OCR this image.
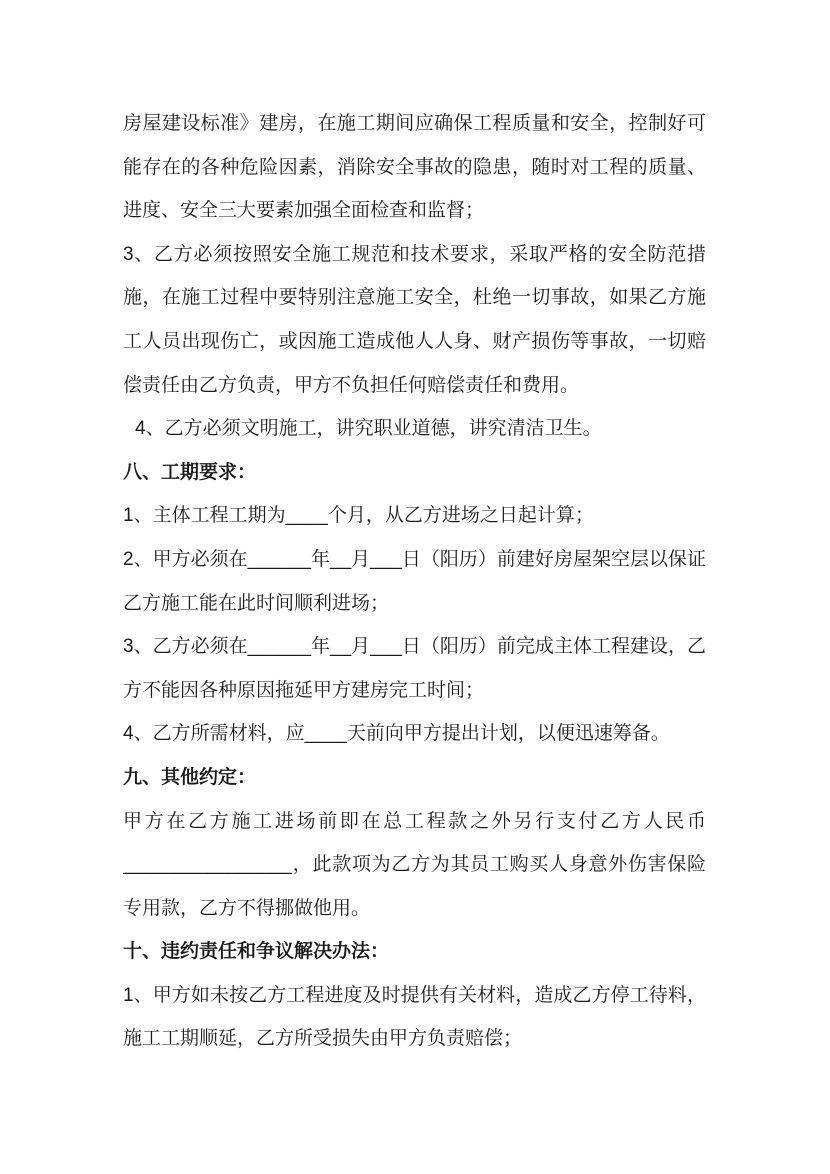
房屋建设标准》建房，在施工期间应确保工程质量和安全，控制好可
能存在的各种危险因素，消除安全事故的隐患，随时对工程的质量、
进度、安全三大要素加强全面检查和监督；
3、乙方必须按照安全施工规范和技术要求，采取严格的安全防范措
施，在施工过程中要特别注意施工安全，杜绝一切事故，如果乙方施
工人员出现伤亡，或因施工造成他人人身、财产损伤等事故，一切赔
偿责任由乙方负责，甲方不负担任何赔偿责任和费用。
4、乙方必须文明施工，讲究职业道德，讲究清洁卫生。
八、工期要求：
1、主体工程工期为____个月，从乙方进场之日起计算；
2、甲方必须在______年__月___日（阳历）前建好房屋架空层以保证
乙方施工能在此时间顺利进场；
3、乙方必须在______年__月___日（阳历）前完成主体工程建设，乙
方不能因各种原因拖延甲方建房完工时间；
4、乙方所需材料，应____天前向甲方提出计划，以便迅速筹备。
九、其他约定：
甲方在乙方施工进场前即在总工程款之外另行支付乙方人民币
________________，此款项为乙方为其员工购买人身意外伤害保险
专用款，乙方不得挪做他用。
十、违约责任和争议解决办法：
1、甲方如未按乙方工程进度及时提供有关材料，造成乙方停工待料，
施工工期顺延，乙方所受损失由甲方负责赔偿；
